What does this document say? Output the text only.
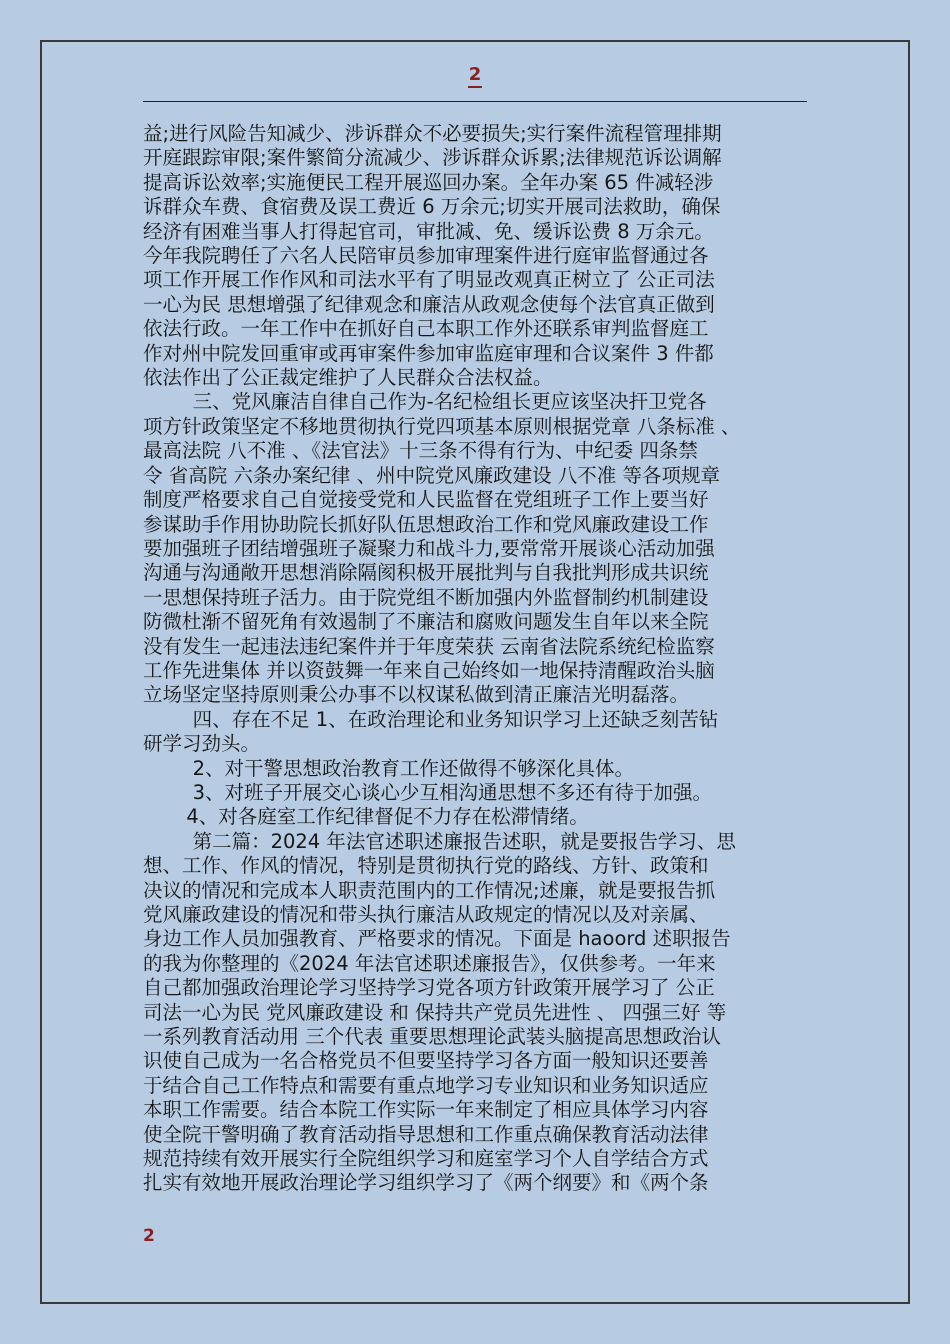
2
益;进行风险告知减少、涉诉群众不必要损失;实行案件流程管理排期
开庭跟踪审限;案件繁简分流减少、涉诉群众诉累;法律规范诉讼调解
提高诉讼效率;实施便民工程开展巡回办案。全年办案 65 件减轻涉
诉群众车费、食宿费及误工费近 6 万余元;切实开展司法救助，确保
经济有困难当事人打得起官司，审批减、免、缓诉讼费 8 万余元。
今年我院聘任了六名人民陪审员参加审理案件进行庭审监督通过各
项工作开展工作作风和司法水平有了明显改观真正树立了 公正司法
一心为民 思想增强了纪律观念和廉洁从政观念使每个法官真正做到
依法行政。一年工作中在抓好自己本职工作外还联系审判监督庭工
作对州中院发回重审或再审案件参加审监庭审理和合议案件 3 件都
依法作出了公正裁定维护了人民群众合法权益。
三、党风廉洁自律自己作为-名纪检组长更应该坚决扞卫党各
项方针政策坚定不移地贯彻执行党四项基本原则根据党章 八条标准 、
最高法院 八不准 、《法官法》十三条不得有行为、中纪委 四条禁
令 省高院 六条办案纪律 、州中院党风廉政建设 八不准 等各项规章
制度严格要求自己自觉接受党和人民监督在党组班子工作上要当好
参谋助手作用协助院长抓好队伍思想政治工作和党风廉政建设工作
要加强班子团结增强班子凝聚力和战斗力,要常常开展谈心活动加强
沟通与沟通敞开思想消除隔阂积极开展批判与自我批判形成共识统
一思想保持班子活力。由于院党组不断加强内外监督制约机制建设
防微杜渐不留死角有效遏制了不廉洁和腐败问题发生自年以来全院
没有发生一起违法违纪案件并于年度荣获 云南省法院系统纪检监察
工作先进集体 并以资鼓舞一年来自己始终如一地保持清醒政治头脑
立场坚定坚持原则秉公办事不以权谋私做到清正廉洁光明磊落。
四、存在不足 1、在政治理论和业务知识学习上还缺乏刻苦钻
研学习劲头。
2、对干警思想政治教育工作还做得不够深化具体。
3、对班子开展交心谈心少互相沟通思想不多还有待于加强。
4、对各庭室工作纪律督促不力存在松滞情绪。
第二篇：2024 年法官述职述廉报告述职，就是要报告学习、思
想、工作、作风的情况，特别是贯彻执行党的路线、方针、政策和
决议的情况和完成本人职责范围内的工作情况;述廉，就是要报告抓
党风廉政建设的情况和带头执行廉洁从政规定的情况以及对亲属、
身边工作人员加强教育、严格要求的情况。下面是 haoord 述职报告
的我为你整理的《2024 年法官述职述廉报告》，仅供参考。一年来
自己都加强政治理论学习坚持学习党各项方针政策开展学习了 公正
司法一心为民 党风廉政建设 和 保持共产党员先进性 、 四强三好 等
一系列教育活动用 三个代表 重要思想理论武装头脑提高思想政治认
识使自己成为一名合格党员不但要坚持学习各方面一般知识还要善
于结合自己工作特点和需要有重点地学习专业知识和业务知识适应
本职工作需要。结合本院工作实际一年来制定了相应具体学习内容
使全院干警明确了教育活动指导思想和工作重点确保教育活动法律
规范持续有效开展实行全院组织学习和庭室学习个人自学结合方式
扎实有效地开展政治理论学习组织学习了《两个纲要》和《两个条
2
